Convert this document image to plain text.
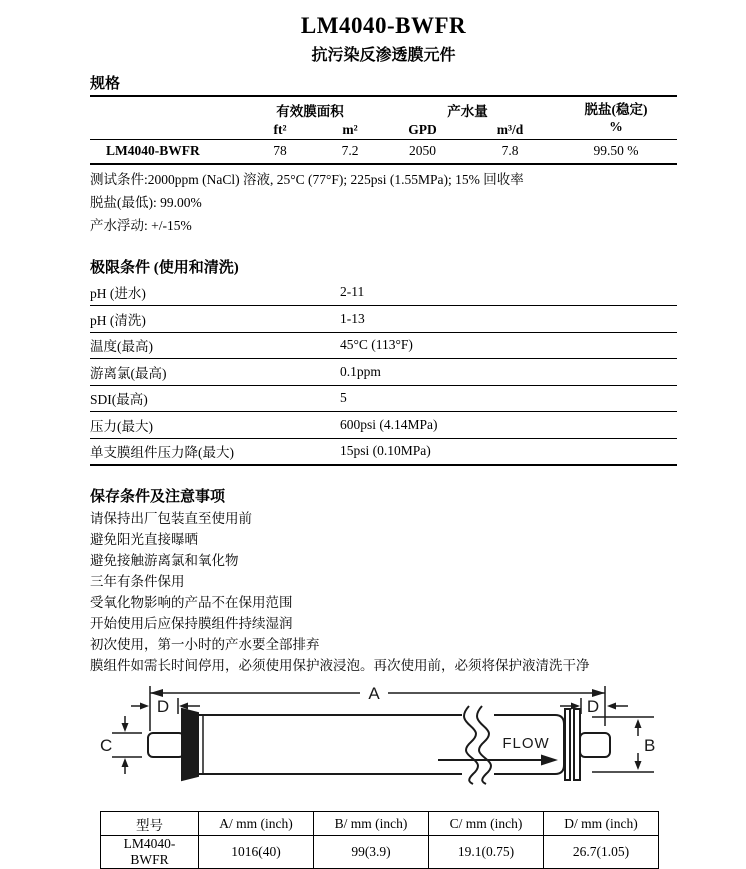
LM4040-BWFR
抗污染反渗透膜元件
规格
	有效膜面积		产水量		脱盐(稳定)
%

	ft²	m²	GPD	m³/d	
LM4040-BWFR	78	7.2	2050	7.8	99.50 %

测试条件:2000ppm (NaCl) 溶液, 25°C (77°F); 225psi (1.55MPa); 15% 回收率

脱盐(最低): 99.00%

产水浮动: +/-15%

极限条件 (使用和清洗)
pH (进水)	2-11
pH (清洗)	1-13
温度(最高)	45°C (113°F)
游离氯(最高)	0.1ppm
SDI(最高)	5
压力(最大)	600psi (4.14MPa)
单支膜组件压力降(最大)	15psi (0.10MPa)
保存条件及注意事项
请保持出厂包装直至使用前
避免阳光直接曝晒
避免接触游离氯和氧化物
三年有条件保用
受氧化物影响的产品不在保用范围
开始使用后应保持膜组件持续湿润
初次使用，第一小时的产水要全部排弃
膜组件如需长时间停用，必须使用保护液浸泡。再次使用前，必须将保护液清洗干净
A
D	D
C	B
FLOW
型号	A/ mm (inch)	B/ mm (inch)	C/ mm (inch)	D/ mm (inch)
LM4040-BWFR	1016(40)	99(3.9)	19.1(0.75)	26.7(1.05)
